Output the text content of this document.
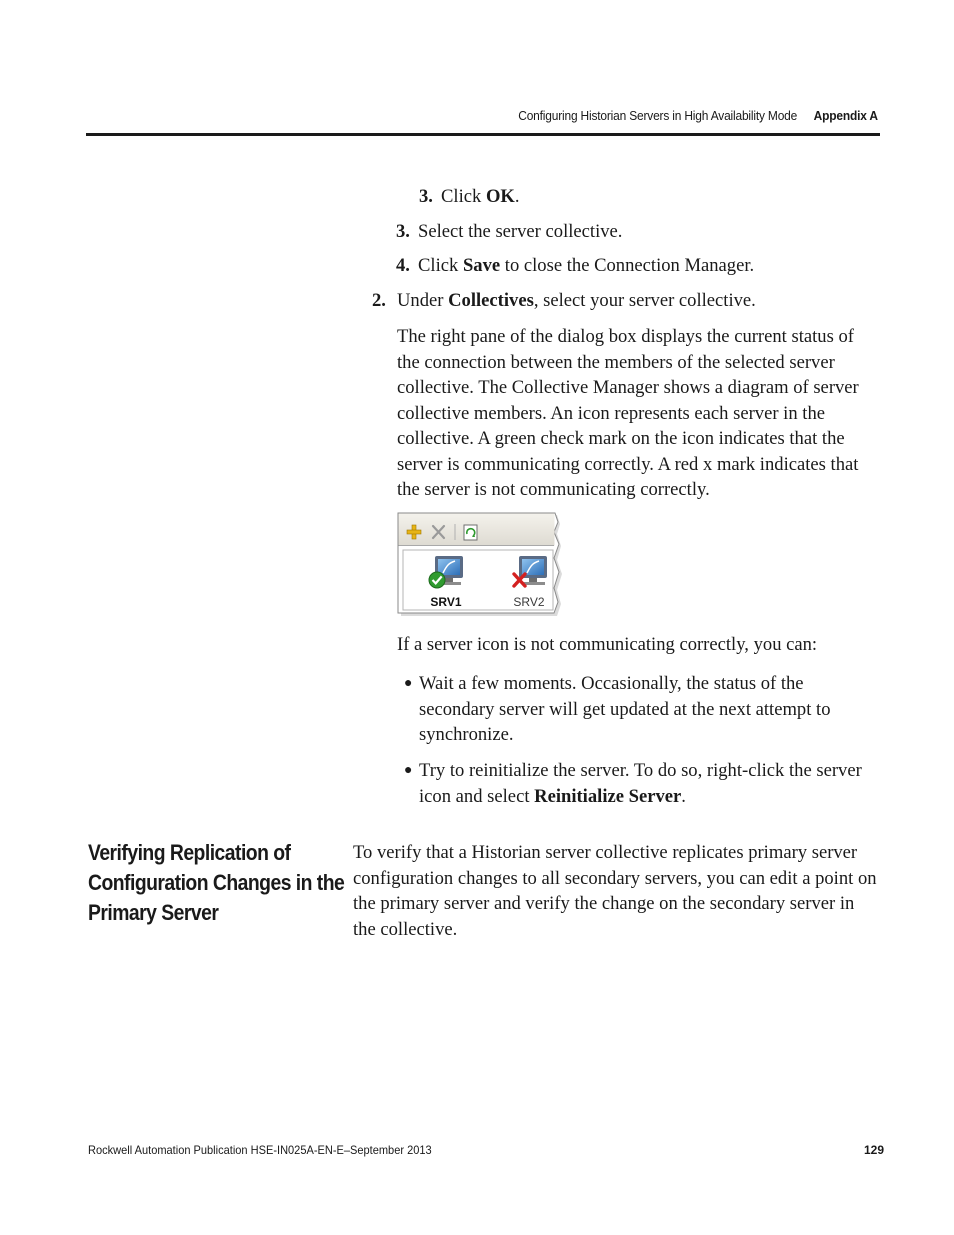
Configuring Historian Servers in High Availability Mode Appendix A
3. Click OK.
3. Select the server collective.
4. Click Save to close the Connection Manager.
2. Under Collectives, select your server collective.
The right pane of the dialog box displays the current status of the connection between the members of the selected server collective. The Collective Manager shows a diagram of server collective members. An icon represents each server in the collective. A green check mark on the icon indicates that the server is communicating correctly. A red x mark indicates that the server is not communicating correctly.
SRV1	SRV2
If a server icon is not communicating correctly, you can:
● Wait a few moments. Occasionally, the status of the secondary server will get updated at the next attempt to synchronize.
● Try to reinitialize the server. To do so, right-click the server icon and select Reinitialize Server.
Verifying Replication of Configuration Changes in the Primary Server
To verify that a Historian server collective replicates primary server configuration changes to all secondary servers, you can edit a point on the primary server and verify the change on the secondary server in the collective.
Rockwell Automation Publication HSE-IN025A-EN-E–September 2013	129
